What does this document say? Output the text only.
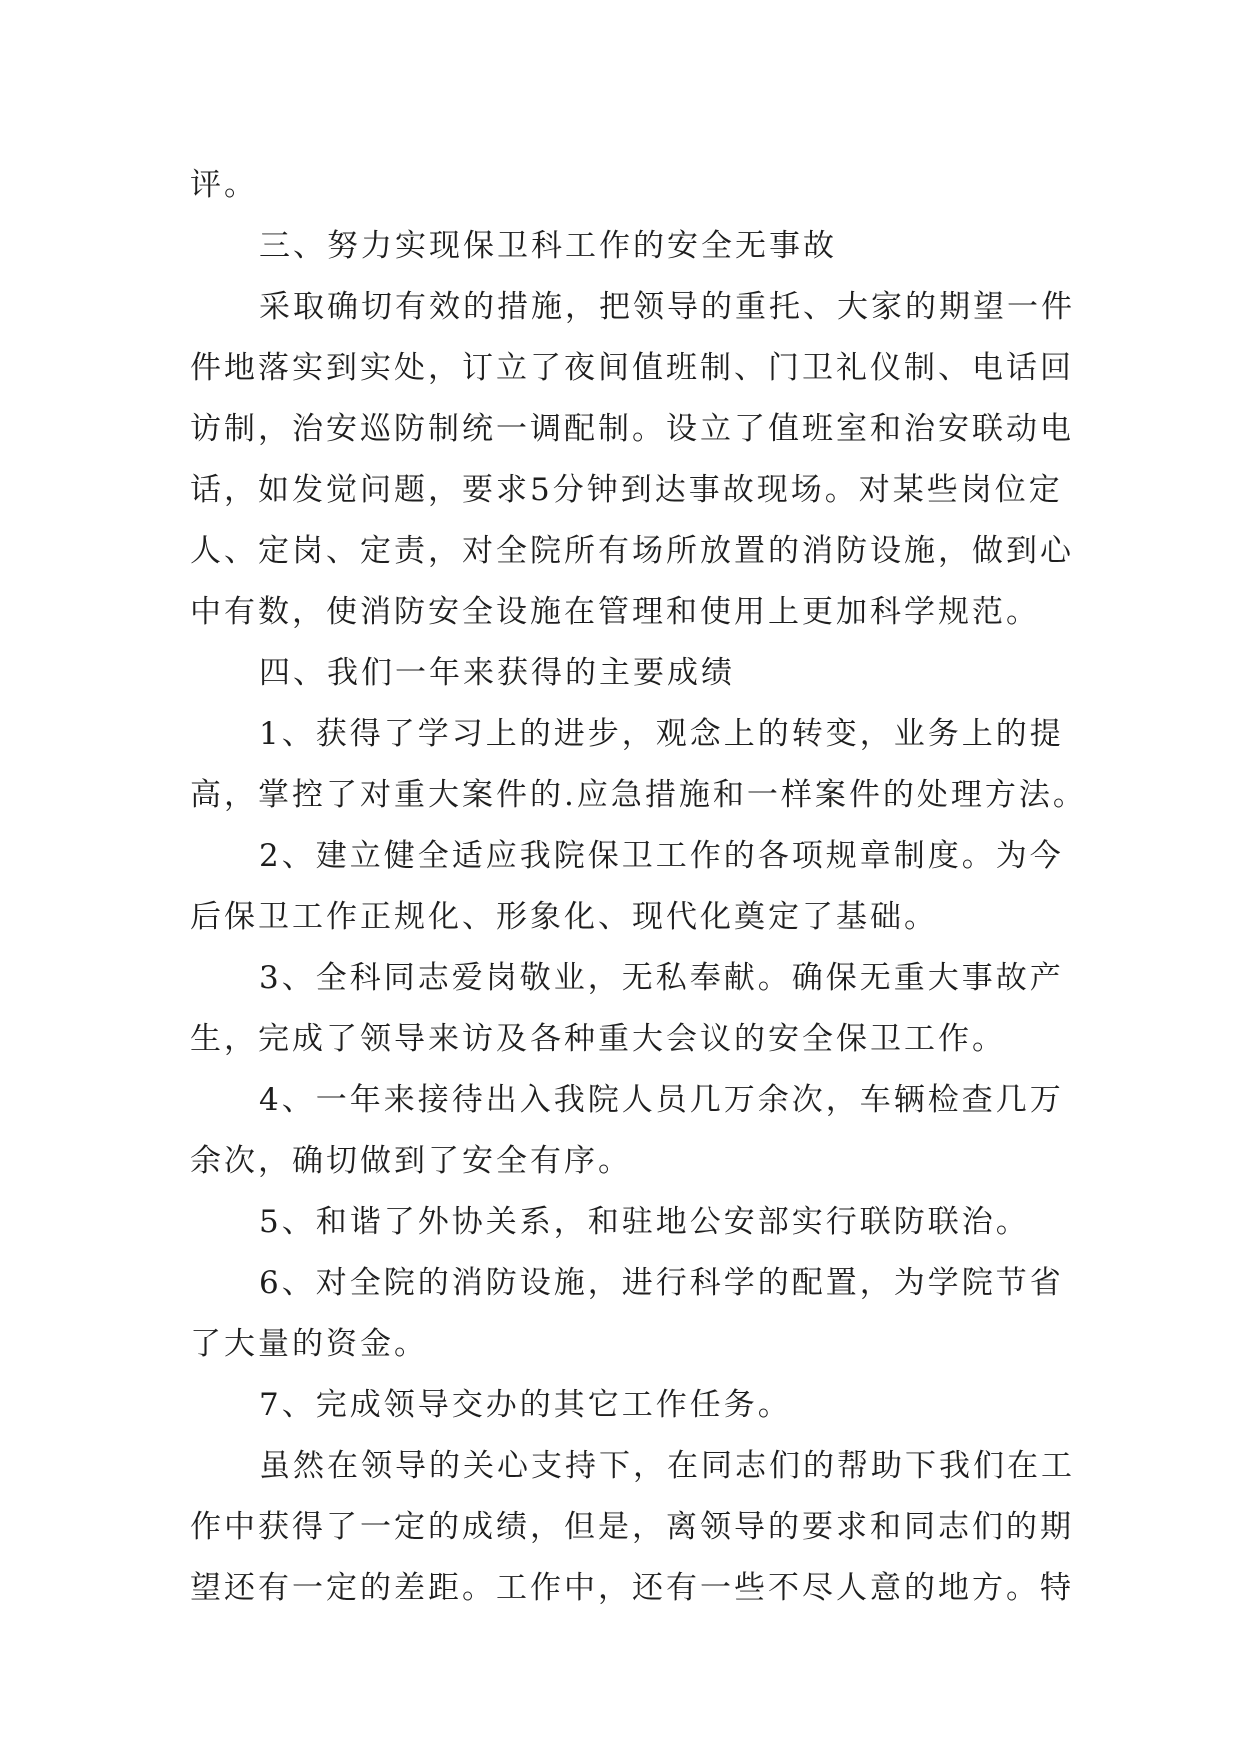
评。
三、努力实现保卫科工作的安全无事故
采取确切有效的措施，把领导的重托、大家的期望一件
件地落实到实处，订立了夜间值班制、门卫礼仪制、电话回
访制，治安巡防制统一调配制。设立了值班室和治安联动电
话，如发觉问题，要求5分钟到达事故现场。对某些岗位定
人、定岗、定责，对全院所有场所放置的消防设施，做到心
中有数，使消防安全设施在管理和使用上更加科学规范。
四、我们一年来获得的主要成绩
1、获得了学习上的进步，观念上的转变，业务上的提
高，掌控了对重大案件的.应急措施和一样案件的处理方法。
2、建立健全适应我院保卫工作的各项规章制度。为今
后保卫工作正规化、形象化、现代化奠定了基础。
3、全科同志爱岗敬业，无私奉献。确保无重大事故产
生，完成了领导来访及各种重大会议的安全保卫工作。
4、一年来接待出入我院人员几万余次，车辆检查几万
余次，确切做到了安全有序。
5、和谐了外协关系，和驻地公安部实行联防联治。
6、对全院的消防设施，进行科学的配置，为学院节省
了大量的资金。
7、完成领导交办的其它工作任务。
虽然在领导的关心支持下，在同志们的帮助下我们在工
作中获得了一定的成绩，但是，离领导的要求和同志们的期
望还有一定的差距。工作中，还有一些不尽人意的地方。特
